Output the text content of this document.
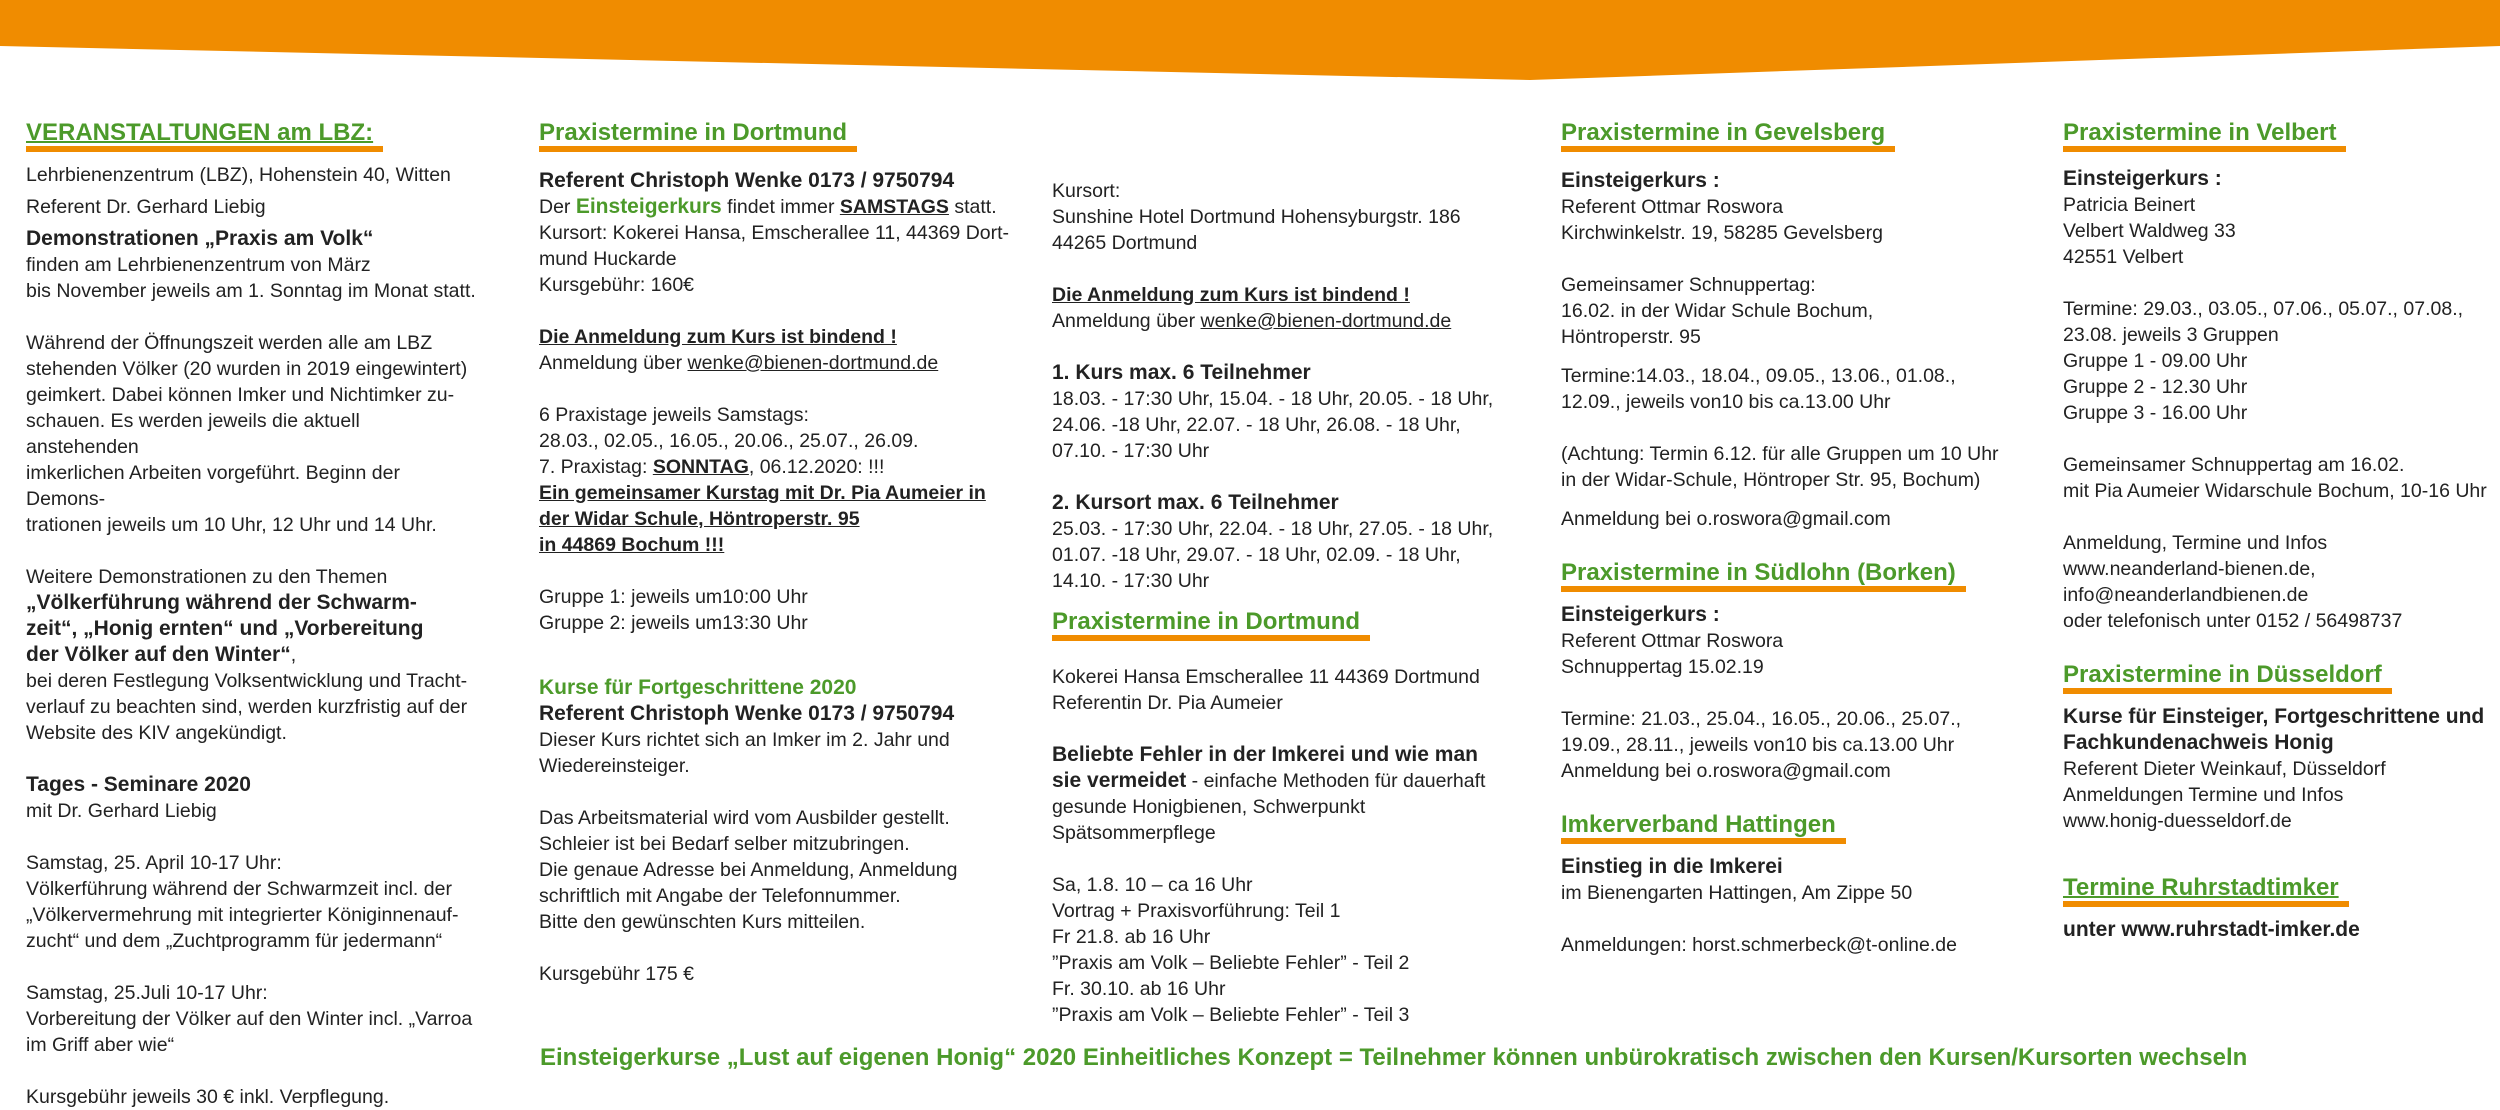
VERANSTALTUNGEN am LBZ:

Lehrbienenzentrum (LBZ), Hohenstein 40, Witten

Referent Dr. Gerhard Liebig

Demonstrationen „Praxis am Volk“

finden am Lehrbienenzentrum von März

bis November jeweils am 1. Sonntag im Monat statt.

Während der Öffnungszeit werden alle am LBZ

stehenden Völker (20 wurden in 2019 eingewintert)

geimkert. Dabei können Imker und Nichtimker zu-

schauen. Es werden jeweils die aktuell anstehenden

imkerlichen Arbeiten vorgeführt. Beginn der Demons-

trationen jeweils um 10 Uhr, 12 Uhr und 14 Uhr.

Weitere Demonstrationen zu den Themen

„Völkerführung während der Schwarm-

zeit“, „Honig ernten“ und „Vorbereitung

der Völker auf den Winter“,

bei deren Festlegung Volksentwicklung und Tracht-

verlauf zu beachten sind, werden kurzfristig auf der

Website des KIV angekündigt.

Tages - Seminare 2020

mit Dr. Gerhard Liebig

Samstag, 25. April 10-17 Uhr:

Völkerführung während der Schwarmzeit incl. der

„Völkervermehrung mit integrierter Königinnenauf-

zucht“ und dem „Zuchtprogramm für jedermann“

Samstag, 25.Juli 10-17 Uhr:

Vorbereitung der Völker auf den Winter incl. „Varroa

im Griff aber wie“

Kursgebühr jeweils 30 € inkl. Verpflegung.

Praxistermine in Dortmund

Referent Christoph Wenke 0173 / 9750794

Der Einsteigerkurs findet immer SAMSTAGS statt.

Kursort: Kokerei Hansa, Emscherallee 11, 44369 Dort-

mund Huckarde

Kursgebühr: 160€

Die Anmeldung zum Kurs ist bindend !

Anmeldung über wenke@bienen-dortmund.de

6 Praxistage jeweils Samstags:

28.03., 02.05., 16.05., 20.06., 25.07., 26.09.

7. Praxistag: SONNTAG, 06.12.2020: !!!

Ein gemeinsamer Kurstag mit Dr. Pia Aumeier in

der Widar Schule, Höntroperstr. 95

in 44869 Bochum !!!

Gruppe 1: jeweils um10:00 Uhr

Gruppe 2: jeweils um13:30 Uhr

Kurse für Fortgeschrittene 2020

Referent Christoph Wenke 0173 / 9750794

Dieser Kurs richtet sich an Imker im 2. Jahr und

Wiedereinsteiger.

Das Arbeitsmaterial wird vom Ausbilder gestellt.

Schleier ist bei Bedarf selber mitzubringen.

Die genaue Adresse bei Anmeldung, Anmeldung

schriftlich mit Angabe der Telefonnummer.

Bitte den gewünschten Kurs mitteilen.

Kursgebühr 175 €

Kursort:

Sunshine Hotel Dortmund Hohensyburgstr. 186

44265 Dortmund

Die Anmeldung zum Kurs ist bindend !

Anmeldung über wenke@bienen-dortmund.de

1. Kurs max. 6 Teilnehmer

18.03. - 17:30 Uhr, 15.04. - 18 Uhr, 20.05. - 18 Uhr,

24.06. -18 Uhr, 22.07. - 18 Uhr, 26.08. - 18 Uhr,

07.10. - 17:30 Uhr

2. Kursort max. 6 Teilnehmer

25.03. - 17:30 Uhr, 22.04. - 18 Uhr, 27.05. - 18 Uhr,

01.07. -18 Uhr, 29.07. - 18 Uhr, 02.09. - 18 Uhr,

14.10. - 17:30 Uhr

Praxistermine in Dortmund

Kokerei Hansa Emscherallee 11 44369 Dortmund

Referentin Dr. Pia Aumeier

Beliebte Fehler in der Imkerei und wie man

sie vermeidet - einfache Methoden für dauerhaft

gesunde Honigbienen, Schwerpunkt Spätsommerpflege

Sa, 1.8. 10 – ca 16 Uhr

Vortrag + Praxisvorführung: Teil 1

Fr 21.8. ab 16 Uhr

”Praxis am Volk – Beliebte Fehler” - Teil 2

Fr. 30.10. ab 16 Uhr

”Praxis am Volk – Beliebte Fehler” - Teil 3

Praxistermine in Gevelsberg

Einsteigerkurs :

Referent Ottmar Roswora

Kirchwinkelstr. 19, 58285 Gevelsberg

Gemeinsamer Schnuppertag:

16.02. in der Widar Schule Bochum,

Höntroperstr. 95

Termine:14.03., 18.04., 09.05., 13.06., 01.08.,

12.09., jeweils von10 bis ca.13.00 Uhr

(Achtung: Termin 6.12. für alle Gruppen um 10 Uhr

in der Widar-Schule, Höntroper Str. 95, Bochum)

Anmeldung bei o.roswora@gmail.com

Praxistermine in Südlohn (Borken)

Einsteigerkurs :

Referent Ottmar Roswora

Schnuppertag 15.02.19

Termine: 21.03., 25.04., 16.05., 20.06., 25.07.,

19.09., 28.11., jeweils von10 bis ca.13.00 Uhr

Anmeldung bei o.roswora@gmail.com

Imkerverband Hattingen

Einstieg in die Imkerei

im Bienengarten Hattingen, Am Zippe 50

Anmeldungen: horst.schmerbeck@t-online.de

Praxistermine in Velbert

Einsteigerkurs :

Patricia Beinert

Velbert Waldweg 33

42551 Velbert

Termine: 29.03., 03.05., 07.06., 05.07., 07.08.,

23.08. jeweils 3 Gruppen

Gruppe 1 - 09.00 Uhr

Gruppe 2 - 12.30 Uhr

Gruppe 3 - 16.00 Uhr

Gemeinsamer Schnuppertag am 16.02.

mit Pia Aumeier Widarschule Bochum, 10-16 Uhr

Anmeldung, Termine und Infos

www.neanderland-bienen.de,

info@neanderlandbienen.de

oder telefonisch unter 0152 / 56498737

Praxistermine in Düsseldorf

Kurse für Einsteiger, Fortgeschrittene und

Fachkundenachweis Honig

Referent Dieter Weinkauf, Düsseldorf

Anmeldungen Termine und Infos

www.honig-duesseldorf.de

Termine Ruhrstadtimker

unter www.ruhrstadt-imker.de

Einsteigerkurse „Lust auf eigenen Honig“ 2020 Einheitliches Konzept = Teilnehmer können unbürokratisch zwischen den Kursen/Kursorten wechseln
